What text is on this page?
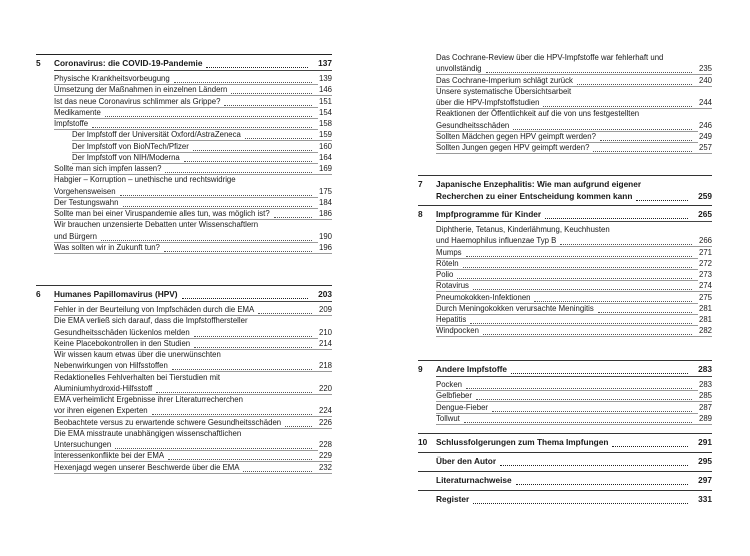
5 Coronavirus: die COVID-19-Pandemie	137
Physische Krankheitsvorbeugung	139
Umsetzung der Maßnahmen in einzelnen Ländern	146
Ist das neue Coronavirus schlimmer als Grippe?	151
Medikamente	154
Impfstoffe	158
Der Impfstoff der Universität Oxford/AstraZeneca	159
Der Impfstoff von BioNTech/Pfizer	160
Der Impfstoff von NIH/Moderna	164
Sollte man sich impfen lassen?	169
Habgier – Korruption – unethische und rechtswidrige
Vorgehensweisen	175
Der Testungswahn	184
Sollte man bei einer Viruspandemie alles tun, was möglich ist?	186
Wir brauchen unzensierte Debatten unter Wissenschaftlern
und Bürgern	190
Was sollten wir in Zukunft tun?	196
6 Humanes Papillomavirus (HPV)	203
Fehler in der Beurteilung von Impfschäden durch die EMA	209
Die EMA verließ sich darauf, dass die Impfstoffhersteller
Gesundheitsschäden lückenlos melden	210
Keine Placebokontrollen in den Studien	214
Wir wissen kaum etwas über die unerwünschten
Nebenwirkungen von Hilfsstoffen	218
Redaktionelles Fehlverhalten bei Tierstudien mit
Aluminiumhydroxid-Hilfsstoff	220
EMA verheimlicht Ergebnisse ihrer Literaturrecherchen
vor ihren eigenen Experten	224
Beobachtete versus zu erwartende schwere Gesundheitsschäden	226
Die EMA misstraute unabhängigen wissenschaftlichen
Untersuchungen	228
Interessenkonflikte bei der EMA	229
Hexenjagd wegen unserer Beschwerde über die EMA	232
Das Cochrane-Review über die HPV-Impfstoffe war fehlerhaft und
unvollständig	235
Das Cochrane-Imperium schlägt zurück	240
Unsere systematische Übersichtsarbeit
über die HPV-Impfstoffstudien	244
Reaktionen der Öffentlichkeit auf die von uns festgestellten
Gesundheitsschäden	246
Sollten Mädchen gegen HPV geimpft werden?	249
Sollten Jungen gegen HPV geimpft werden?	257
7 Japanische Enzephalitis: Wie man aufgrund eigener
Recherchen zu einer Entscheidung kommen kann	259
8 Impfprogramme für Kinder	265
Diphtherie, Tetanus, Kinderlähmung, Keuchhusten
und Haemophilus influenzae Typ B	266
Mumps	271
Röteln	272
Polio	273
Rotavirus	274
Pneumokokken-Infektionen	275
Durch Meningokokken verursachte Meningitis	281
Hepatitis	281
Windpocken	282
9 Andere Impfstoffe	283
Pocken	283
Gelbfieber	285
Dengue-Fieber	287
Tollwut	289
10 Schlussfolgerungen zum Thema Impfungen	291
Über den Autor	295
Literaturnachweise	297
Register	331
